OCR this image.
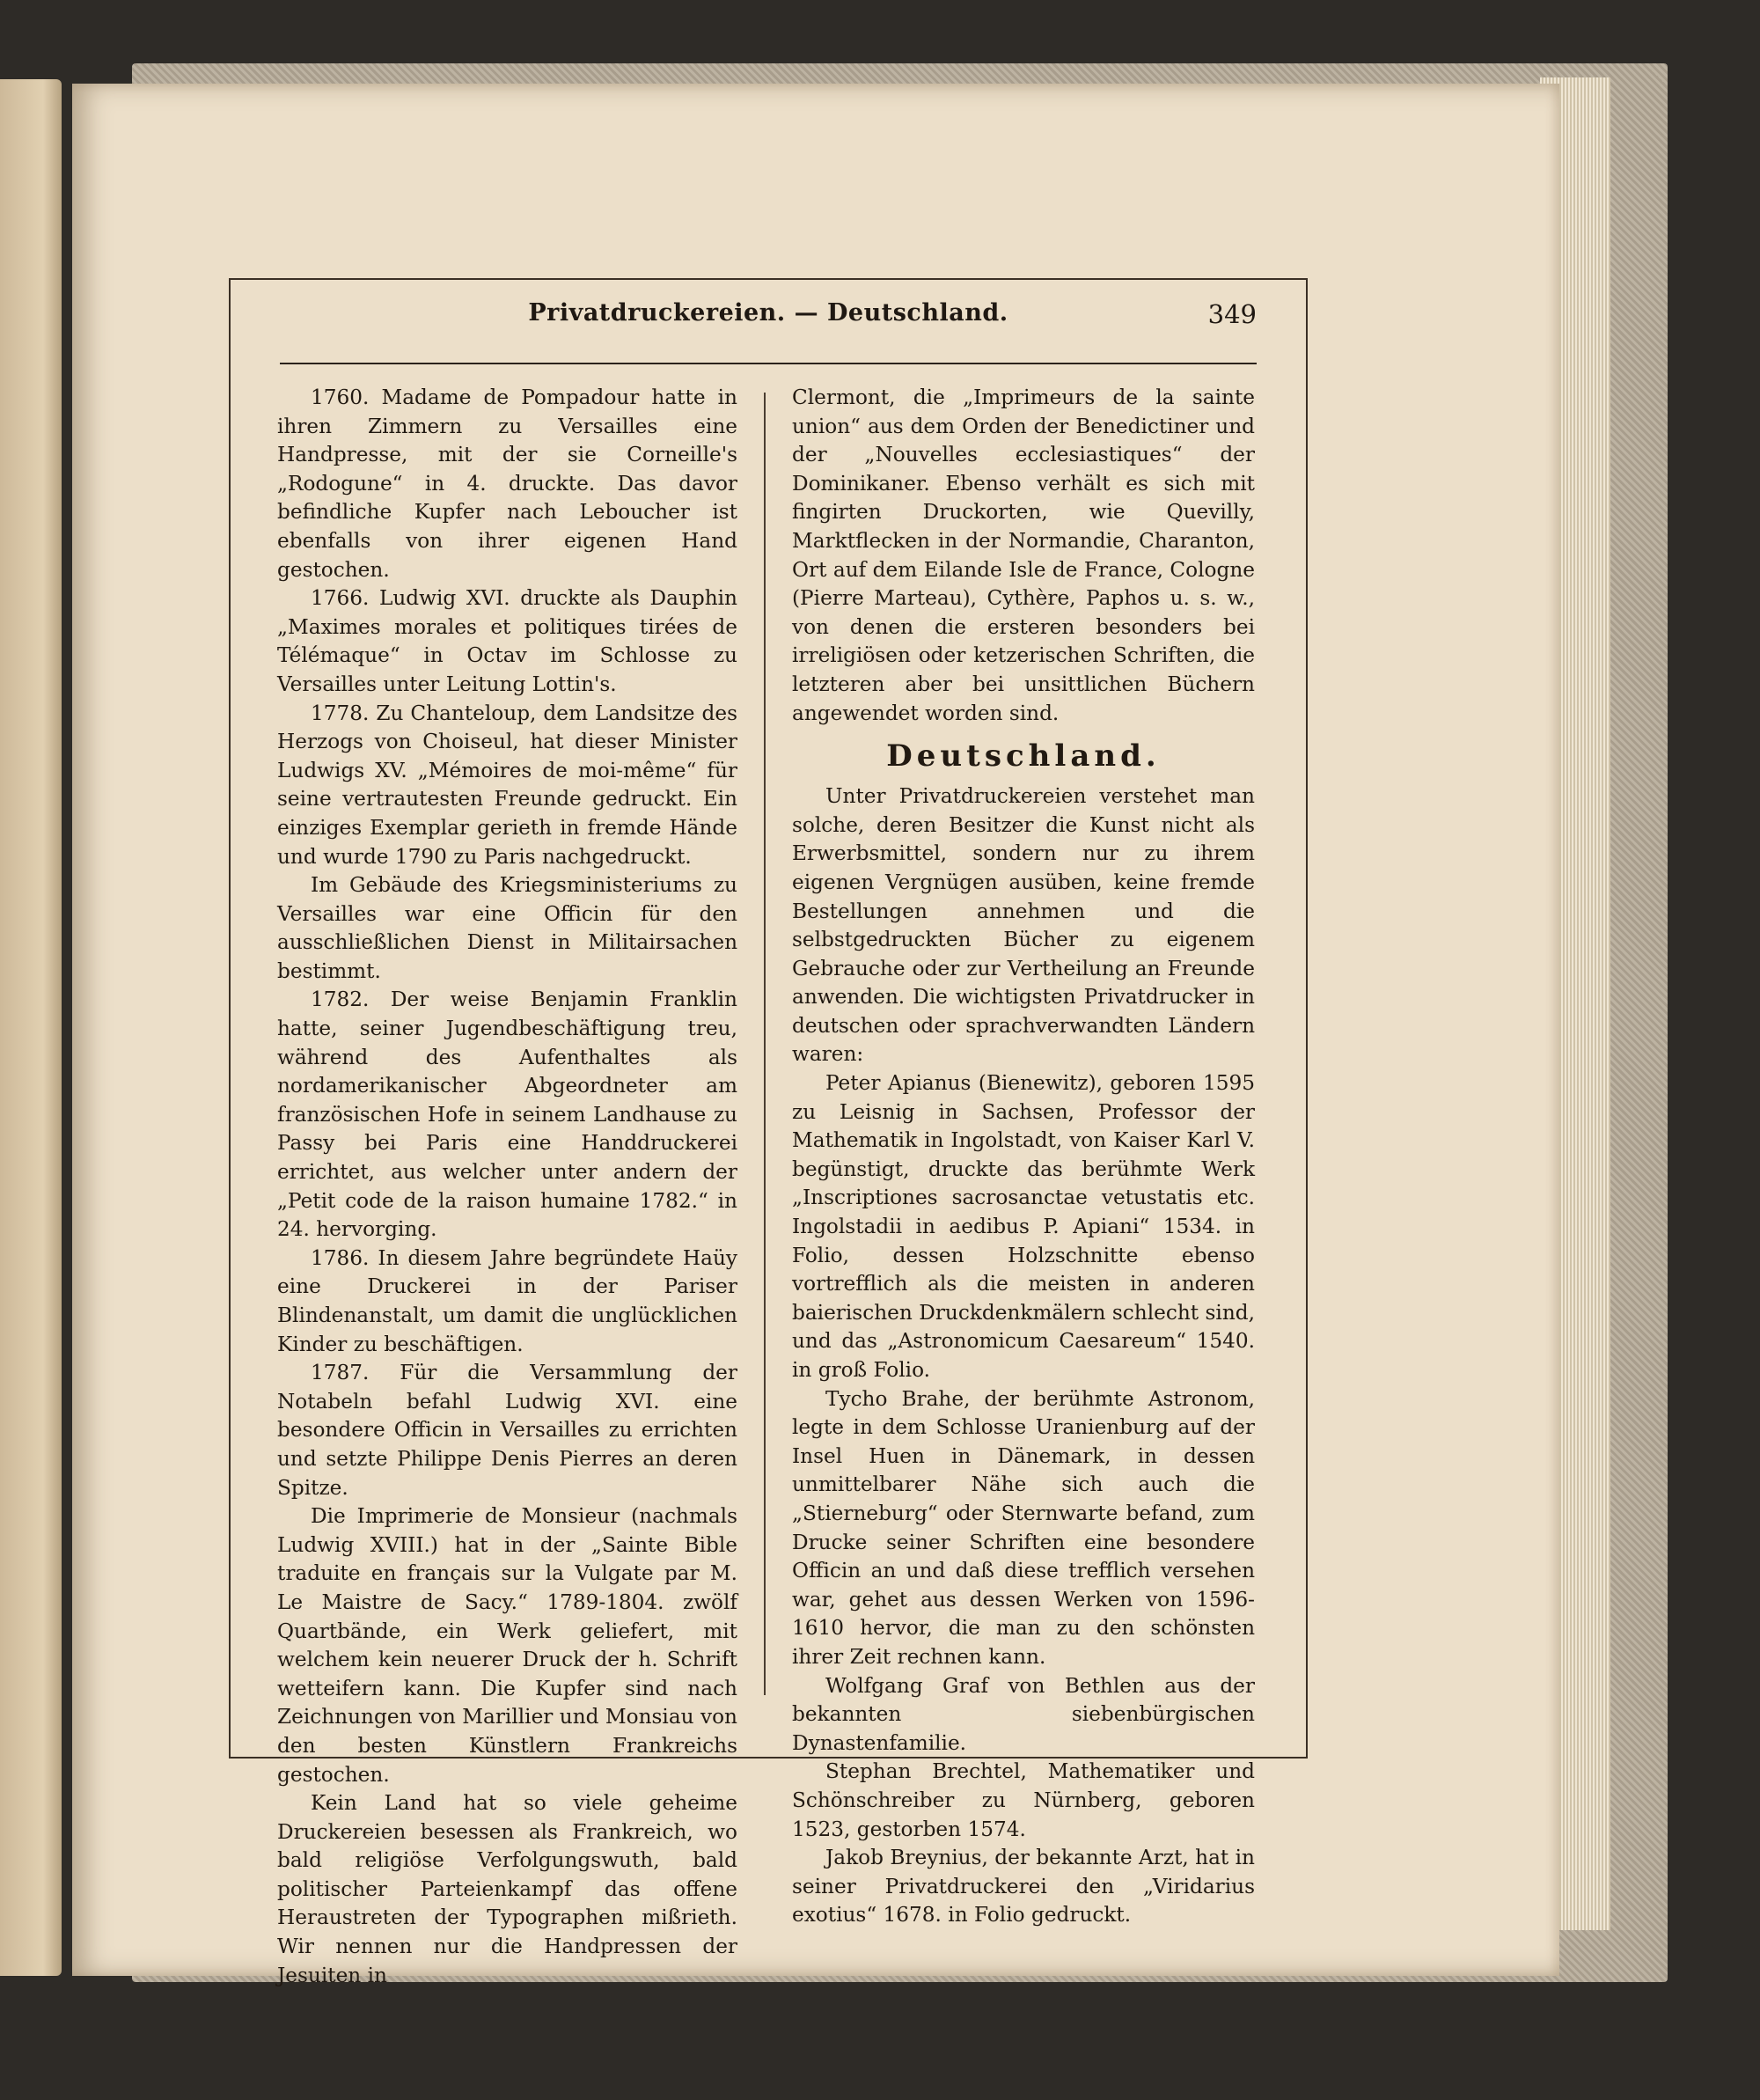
Privatdruckereien. — Deutschland.	349

1760. Madame de Pompadour hatte in ihren Zimmern zu Versailles eine Handpresse, mit der sie Corneille's „Rodogune“ in 4. druckte. Das davor befindliche Kupfer nach Leboucher ist ebenfalls von ihrer eigenen Hand gestochen.

1766. Ludwig XVI. druckte als Dauphin „Maximes morales et politiques tirées de Télémaque“ in Octav im Schlosse zu Versailles unter Leitung Lottin's.

1778. Zu Chanteloup, dem Landsitze des Herzogs von Choiseul, hat dieser Minister Ludwigs XV. „Mémoires de moi-même“ für seine vertrautesten Freunde gedruckt. Ein einziges Exemplar gerieth in fremde Hände und wurde 1790 zu Paris nachgedruckt.

Im Gebäude des Kriegsministeriums zu Versailles war eine Officin für den ausschließlichen Dienst in Militairsachen bestimmt.

1782. Der weise Benjamin Franklin hatte, seiner Jugendbeschäftigung treu, während des Aufenthaltes als nordamerikanischer Abgeordneter am französischen Hofe in seinem Landhause zu Passy bei Paris eine Handdruckerei errichtet, aus welcher unter andern der „Petit code de la raison humaine 1782.“ in 24. hervorging.

1786. In diesem Jahre begründete Haüy eine Druckerei in der Pariser Blindenanstalt, um damit die unglücklichen Kinder zu beschäftigen.

1787. Für die Versammlung der Notabeln befahl Ludwig XVI. eine besondere Officin in Versailles zu errichten und setzte Philippe Denis Pierres an deren Spitze.

Die Imprimerie de Monsieur (nachmals Ludwig XVIII.) hat in der „Sainte Bible traduite en français sur la Vulgate par M. Le Maistre de Sacy.“ 1789-1804. zwölf Quartbände, ein Werk geliefert, mit welchem kein neuerer Druck der h. Schrift wetteifern kann. Die Kupfer sind nach Zeichnungen von Marillier und Monsiau von den besten Künstlern Frankreichs gestochen.

Kein Land hat so viele geheime Druckereien besessen als Frankreich, wo bald religiöse Verfolgungswuth, bald politischer Parteienkampf das offene Heraustreten der Typographen mißrieth. Wir nennen nur die Handpressen der Jesuiten in

Clermont, die „Imprimeurs de la sainte union“ aus dem Orden der Benedictiner und der „Nouvelles ecclesiastiques“ der Dominikaner. Ebenso verhält es sich mit fingirten Druckorten, wie Quevilly, Marktflecken in der Normandie, Charanton, Ort auf dem Eilande Isle de France, Cologne (Pierre Marteau), Cythère, Paphos u. s. w., von denen die ersteren besonders bei irreligiösen oder ketzerischen Schriften, die letzteren aber bei unsittlichen Büchern angewendet worden sind.

Deutschland.

Unter Privatdruckereien verstehet man solche, deren Besitzer die Kunst nicht als Erwerbsmittel, sondern nur zu ihrem eigenen Vergnügen ausüben, keine fremde Bestellungen annehmen und die selbstgedruckten Bücher zu eigenem Gebrauche oder zur Vertheilung an Freunde anwenden. Die wichtigsten Privatdrucker in deutschen oder sprachverwandten Ländern waren:

Peter Apianus (Bienewitz), geboren 1595 zu Leisnig in Sachsen, Professor der Mathematik in Ingolstadt, von Kaiser Karl V. begünstigt, druckte das berühmte Werk „Inscriptiones sacrosanctae vetustatis etc. Ingolstadii in aedibus P. Apiani“ 1534. in Folio, dessen Holzschnitte ebenso vortrefflich als die meisten in anderen baierischen Druckdenkmälern schlecht sind, und das „Astronomicum Caesareum“ 1540. in groß Folio.

Tycho Brahe, der berühmte Astronom, legte in dem Schlosse Uranienburg auf der Insel Huen in Dänemark, in dessen unmittelbarer Nähe sich auch die „Stierneburg“ oder Sternwarte befand, zum Drucke seiner Schriften eine besondere Officin an und daß diese trefflich versehen war, gehet aus dessen Werken von 1596-1610 hervor, die man zu den schönsten ihrer Zeit rechnen kann.

Wolfgang Graf von Bethlen aus der bekannten siebenbürgischen Dynastenfamilie.

Stephan Brechtel, Mathematiker und Schönschreiber zu Nürnberg, geboren 1523, gestorben 1574.

Jakob Breynius, der bekannte Arzt, hat in seiner Privatdruckerei den „Viridarius exotius“ 1678. in Folio gedruckt.
